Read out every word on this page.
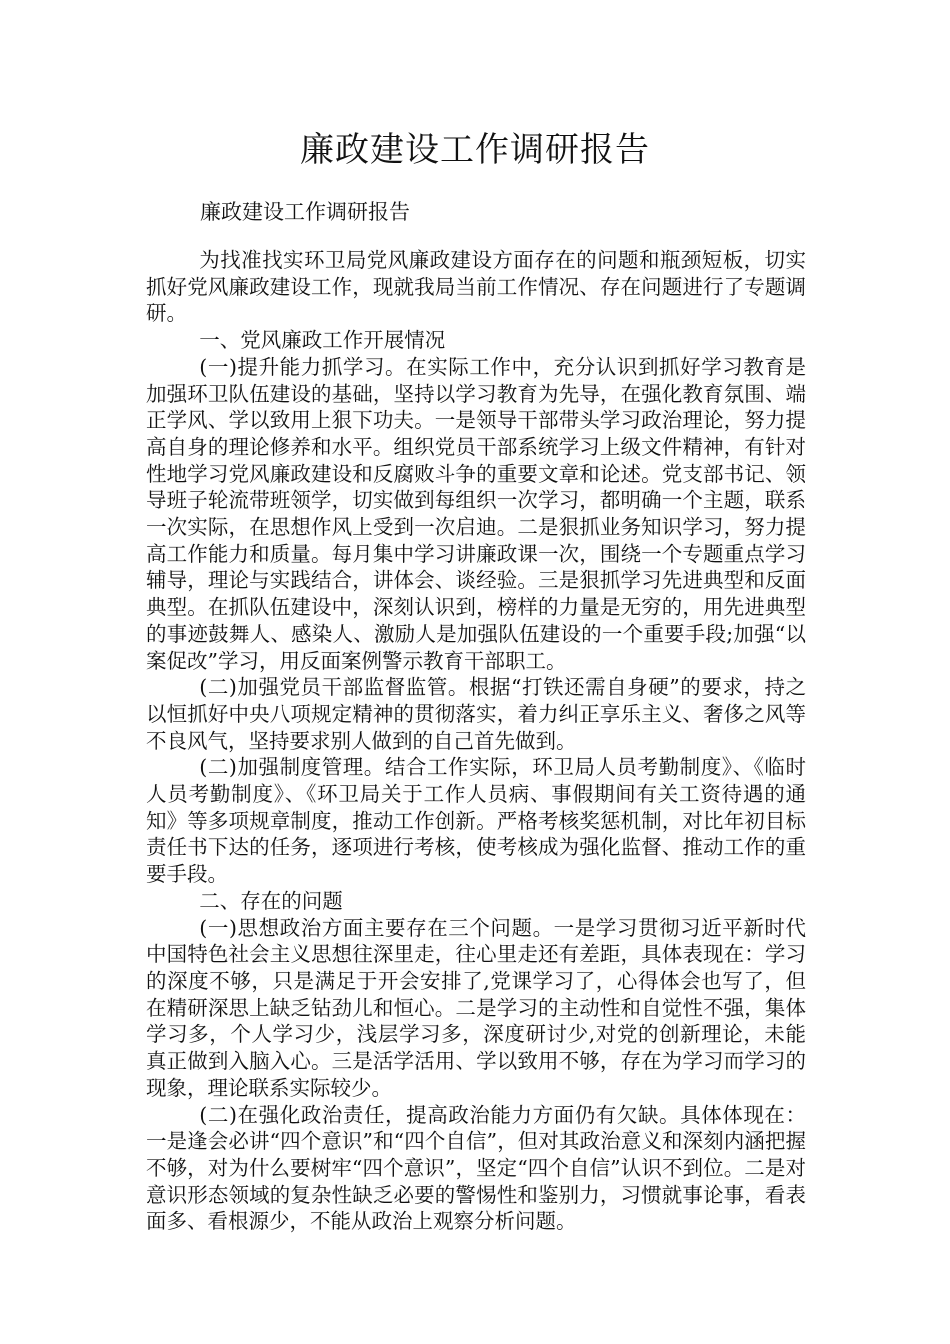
廉政建设工作调研报告
廉政建设工作调研报告

为找准找实环卫局党风廉政建设方面存在的问题和瓶颈短板，切实抓好党风廉政建设工作，现就我局当前工作情况、存在问题进行了专题调研。

一、党风廉政工作开展情况

(一)提升能力抓学习。在实际工作中，充分认识到抓好学习教育是加强环卫队伍建设的基础，坚持以学习教育为先导，在强化教育氛围、端正学风、学以致用上狠下功夫。一是领导干部带头学习政治理论，努力提高自身的理论修养和水平。组织党员干部系统学习上级文件精神，有针对性地学习党风廉政建设和反腐败斗争的重要文章和论述。党支部书记、领导班子轮流带班领学，切实做到每组织一次学习，都明确一个主题，联系一次实际，在思想作风上受到一次启迪。二是狠抓业务知识学习，努力提高工作能力和质量。每月集中学习讲廉政课一次，围绕一个专题重点学习辅导，理论与实践结合，讲体会、谈经验。三是狠抓学习先进典型和反面典型。在抓队伍建设中，深刻认识到，榜样的力量是无穷的，用先进典型的事迹鼓舞人、感染人、激励人是加强队伍建设的一个重要手段;加强“以案促改”学习，用反面案例警示教育干部职工。

(二)加强党员干部监督监管。根据“打铁还需自身硬”的要求，持之以恒抓好中央八项规定精神的贯彻落实，着力纠正享乐主义、奢侈之风等不良风气，坚持要求别人做到的自己首先做到。

(二)加强制度管理。结合工作实际，环卫局人员考勤制度》、《临时人员考勤制度》、《环卫局关于工作人员病、事假期间有关工资待遇的通知》等多项规章制度，推动工作创新。严格考核奖惩机制，对比年初目标责任书下达的任务，逐项进行考核，使考核成为强化监督、推动工作的重要手段。

二、存在的问题

(一)思想政治方面主要存在三个问题。一是学习贯彻习近平新时代中国特色社会主义思想往深里走，往心里走还有差距，具体表现在：学习的深度不够，只是满足于开会安排了,党课学习了，心得体会也写了，但在精研深思上缺乏钻劲儿和恒心。二是学习的主动性和自觉性不强，集体学习多，个人学习少，浅层学习多，深度研讨少,对党的创新理论，未能真正做到入脑入心。三是活学活用、学以致用不够，存在为学习而学习的现象，理论联系实际较少。

(二)在强化政治责任，提高政治能力方面仍有欠缺。具体体现在：一是逢会必讲“四个意识”和“四个自信”，但对其政治意义和深刻内涵把握不够，对为什么要树牢“四个意识”，坚定“四个自信”认识不到位。二是对意识形态领域的复杂性缺乏必要的警惕性和鉴别力，习惯就事论事，看表面多、看根源少，不能从政治上观察分析问题。
